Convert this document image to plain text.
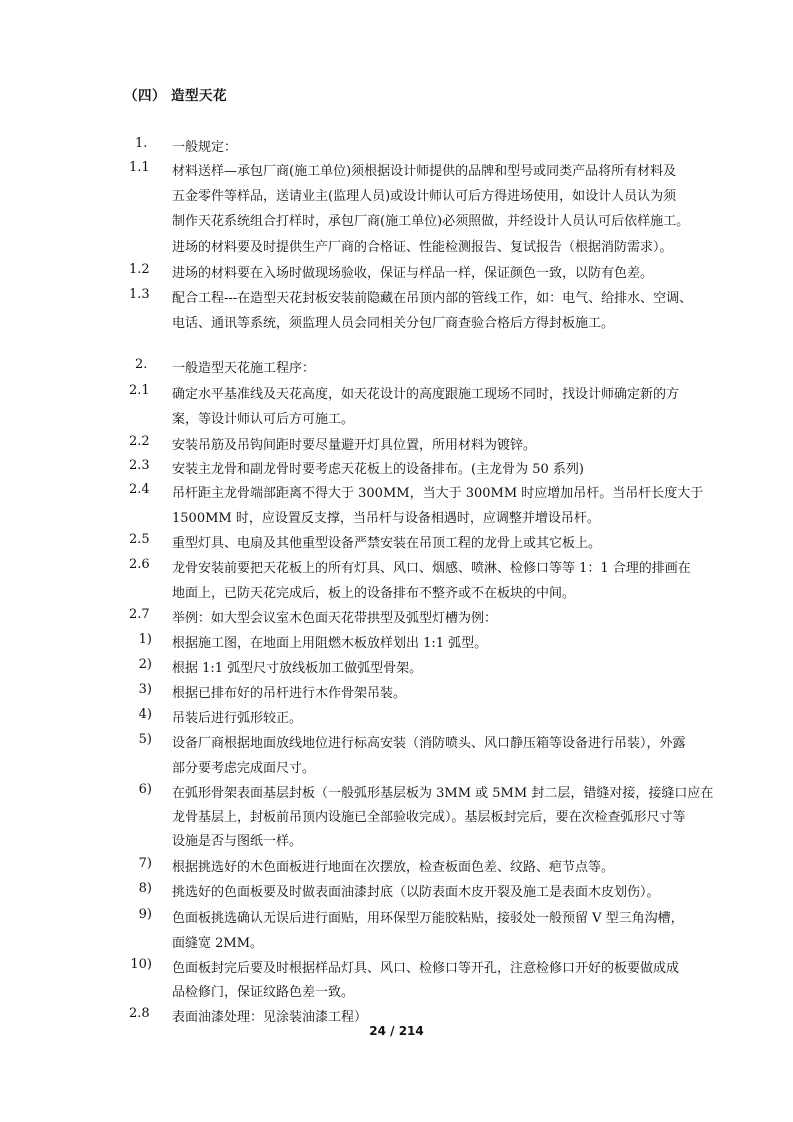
（四） 造型天花
1. 一般规定：
1.1 材料送样—承包厂商(施工单位)须根据设计师提供的品牌和型号或同类产品将所有材料及
五金零件等样品，送请业主(监理人员)或设计师认可后方得进场使用，如设计人员认为须
制作天花系统组合打样时，承包厂商(施工单位)必须照做，并经设计人员认可后依样施工。
进场的材料要及时提供生产厂商的合格证、性能检测报告、复试报告（根据消防需求）。
1.2 进场的材料要在入场时做现场验收，保证与样品一样，保证颜色一致，以防有色差。
1.3 配合工程---在造型天花封板安装前隐藏在吊顶内部的管线工作，如：电气、给排水、空调、
电话、通讯等系统，须监理人员会同相关分包厂商查验合格后方得封板施工。
2. 一般造型天花施工程序：
2.1 确定水平基准线及天花高度，如天花设计的高度跟施工现场不同时，找设计师确定新的方
案，等设计师认可后方可施工。
2.2 安装吊筋及吊钩间距时要尽量避开灯具位置，所用材料为镀锌。
2.3 安装主龙骨和副龙骨时要考虑天花板上的设备排布。(主龙骨为 50 系列)
2.4 吊杆距主龙骨端部距离不得大于 300MM，当大于 300MM 时应增加吊杆。当吊杆长度大于
1500MM 时，应设置反支撑，当吊杆与设备相遇时，应调整并增设吊杆。
2.5 重型灯具、电扇及其他重型设备严禁安装在吊顶工程的龙骨上或其它板上。
2.6 龙骨安装前要把天花板上的所有灯具、风口、烟感、喷淋、检修口等等 1：1 合理的排画在
地面上，已防天花完成后，板上的设备排布不整齐或不在板块的中间。
2.7 举例：如大型会议室木色面天花带拱型及弧型灯槽为例：
1) 根据施工图，在地面上用阻燃木板放样划出 1:1 弧型。
2) 根据 1:1 弧型尺寸放线板加工做弧型骨架。
3) 根据已排布好的吊杆进行木作骨架吊装。
4) 吊装后进行弧形较正。
5) 设备厂商根据地面放线地位进行标高安装（消防喷头、风口静压箱等设备进行吊装），外露
部分要考虑完成面尺寸。
6) 在弧形骨架表面基层封板（一般弧形基层板为 3MM 或 5MM 封二层，错缝对接，接缝口应在
龙骨基层上，封板前吊顶内设施已全部验收完成）。基层板封完后，要在次检查弧形尺寸等
设施是否与图纸一样。
7) 根据挑选好的木色面板进行地面在次摆放，检查板面色差、纹路、疤节点等。
8) 挑选好的色面板要及时做表面油漆封底（以防表面木皮开裂及施工是表面木皮划伤）。
9) 色面板挑选确认无误后进行面贴，用环保型万能胶粘贴，接驳处一般预留 V 型三角沟槽，
面缝宽 2MM。
10) 色面板封完后要及时根据样品灯具、风口、检修口等开孔，注意检修口开好的板要做成成
品检修门，保证纹路色差一致。
2.8 表面油漆处理：见涂装油漆工程）
24 / 214
